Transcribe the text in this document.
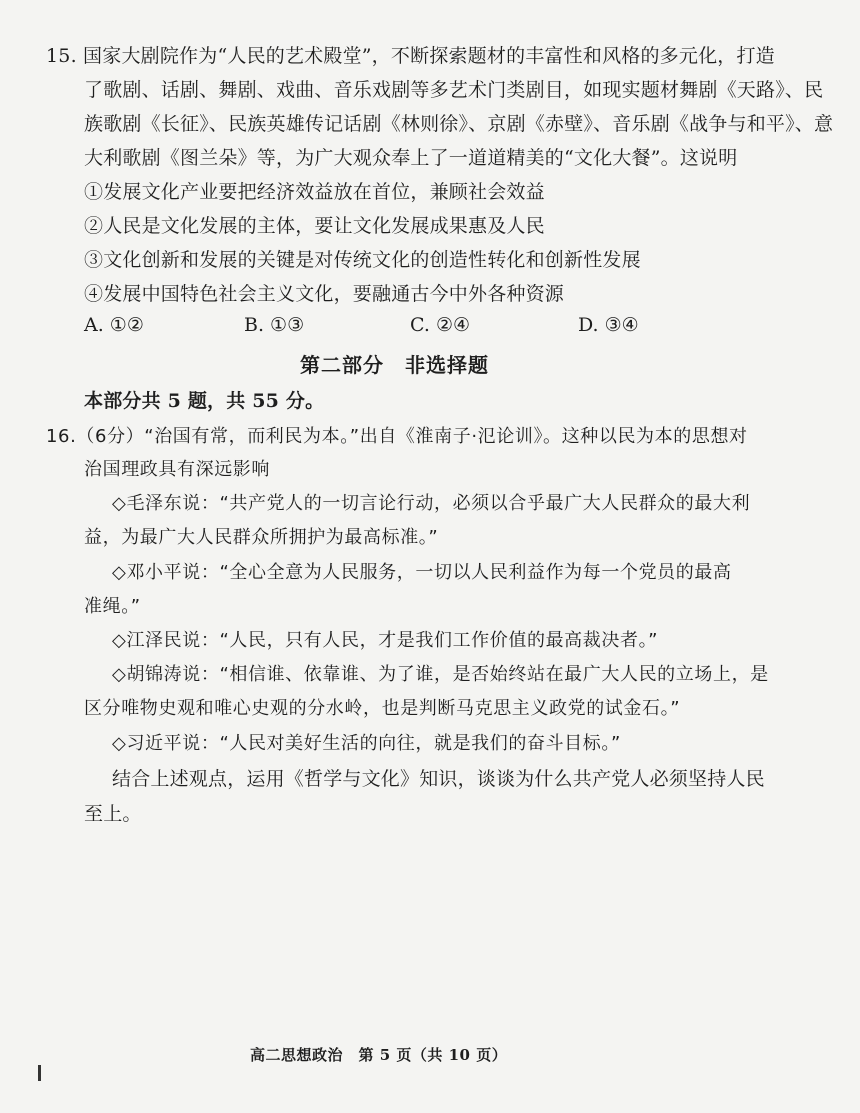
15. 国家大剧院作为“人民的艺术殿堂”，不断探索题材的丰富性和风格的多元化，打造
了歌剧、话剧、舞剧、戏曲、音乐戏剧等多艺术门类剧目，如现实题材舞剧《天路》、民
族歌剧《长征》、民族英雄传记话剧《林则徐》、京剧《赤壁》、音乐剧《战争与和平》、意
大利歌剧《图兰朵》等，为广大观众奉上了一道道精美的“文化大餐”。这说明
①发展文化产业要把经济效益放在首位，兼顾社会效益
②人民是文化发展的主体，要让文化发展成果惠及人民
③文化创新和发展的关键是对传统文化的创造性转化和创新性发展
④发展中国特色社会主义文化，要融通古今中外各种资源
A. ①②	B. ①③	C. ②④	D. ③④
第二部分　非选择题
本部分共 5 题，共 55 分。
16.（6分）“治国有常，而利民为本。”出自《淮南子·氾论训》。这种以民为本的思想对
治国理政具有深远影响
◇毛泽东说：“共产党人的一切言论行动，必须以合乎最广大人民群众的最大利
益，为最广大人民群众所拥护为最高标准。”
◇邓小平说：“全心全意为人民服务，一切以人民利益作为每一个党员的最高
准绳。”
◇江泽民说：“人民，只有人民，才是我们工作价值的最高裁决者。”
◇胡锦涛说：“相信谁、依靠谁、为了谁，是否始终站在最广大人民的立场上，是
区分唯物史观和唯心史观的分水岭，也是判断马克思主义政党的试金石。”
◇习近平说：“人民对美好生活的向往，就是我们的奋斗目标。”
结合上述观点，运用《哲学与文化》知识，谈谈为什么共产党人必须坚持人民
至上。
高二思想政治　第 5 页（共 10 页）
